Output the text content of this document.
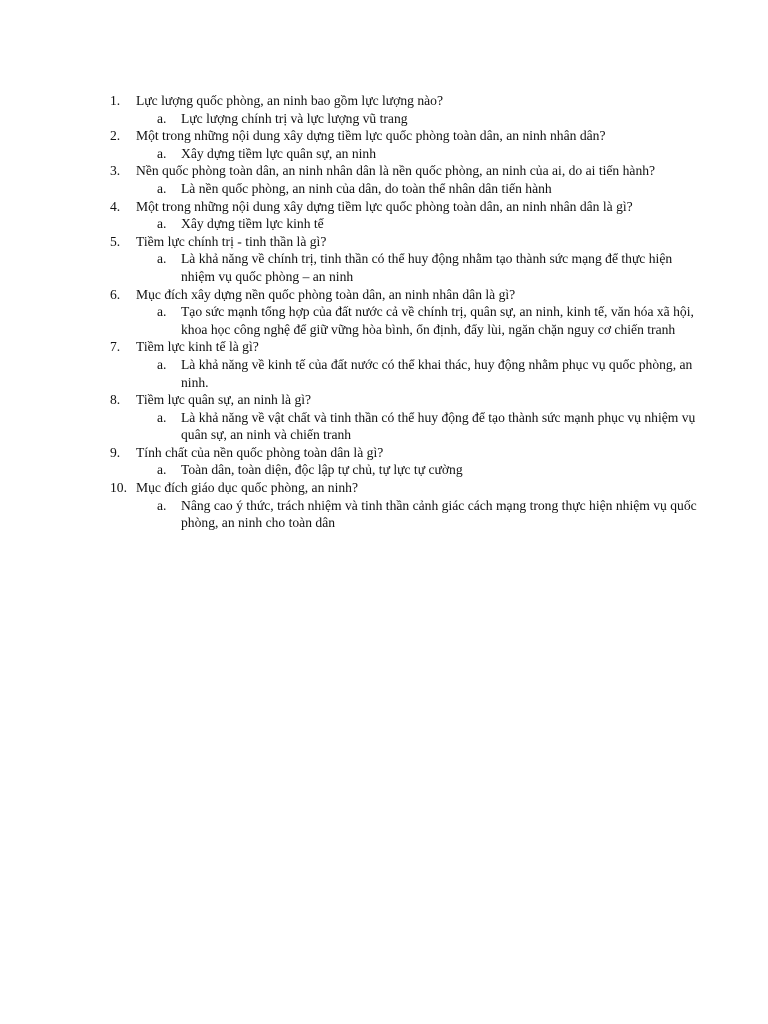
1.	Lực lượng quốc phòng, an ninh bao gồm lực lượng nào?
a.	Lực lượng chính trị và lực lượng vũ trang
2.	Một trong những nội dung xây dựng tiềm lực quốc phòng toàn dân, an ninh nhân dân?
a.	Xây dựng tiềm lực quân sự, an ninh
3.	Nền quốc phòng toàn dân, an ninh nhân dân là nền quốc phòng, an ninh của ai, do ai tiến hành?
a.	Là nền quốc phòng, an ninh của dân, do toàn thể nhân dân tiến hành
4.	Một trong những nội dung xây dựng tiềm lực quốc phòng toàn dân, an ninh nhân dân là gì?
a.	Xây dựng tiềm lực kinh tế
5.	Tiềm lực chính trị - tinh thần là gì?
a.	Là khả năng về chính trị, tinh thần có thể huy động nhằm tạo thành sức mạng để thực hiện nhiệm vụ quốc phòng – an ninh
6.	Mục đích xây dựng nền quốc phòng toàn dân, an ninh nhân dân là gì?
a.	Tạo sức mạnh tổng hợp của đất nước cả về chính trị, quân sự, an ninh, kinh tế, văn hóa xã hội, khoa học công nghệ để giữ vững hòa bình, ổn định, đẩy lùi, ngăn chặn nguy cơ chiến tranh
7.	Tiềm lực kinh tế là gì?
a.	Là khả năng về kinh tế của đất nước có thể khai thác, huy động nhằm phục vụ quốc phòng, an ninh.
8.	Tiềm lực quân sự, an ninh là gì?
a.	Là khả năng về vật chất và tinh thần có thể huy động để tạo thành sức mạnh phục vụ nhiệm vụ quân sự, an ninh và chiến tranh
9.	Tính chất của nền quốc phòng toàn dân là gì?
a.	Toàn dân, toàn diện, độc lập tự chủ, tự lực tự cường
10. Mục đích giáo dục quốc phòng, an ninh?
a.	Nâng cao ý thức, trách nhiệm và tinh thần cảnh giác cách mạng trong thực hiện nhiệm vụ quốc phòng, an ninh cho toàn dân
